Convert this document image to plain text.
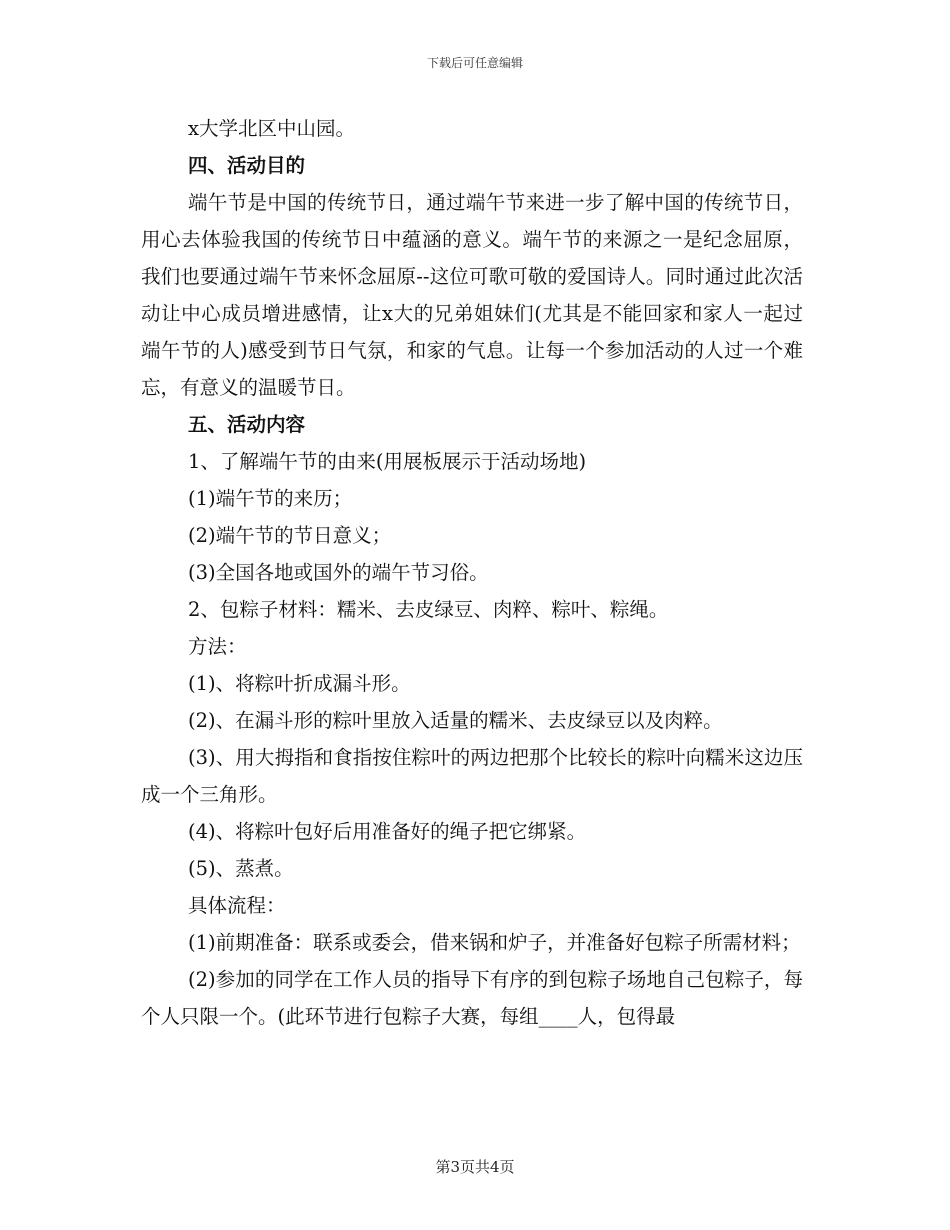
下载后可任意编辑

x大学北区中山园。

四、活动目的

端午节是中国的传统节日，通过端午节来进一步了解中国的传统节日，用心去体验我国的传统节日中蕴涵的意义。端午节的来源之一是纪念屈原，我们也要通过端午节来怀念屈原--这位可歌可敬的爱国诗人。同时通过此次活动让中心成员增进感情，让x大的兄弟姐妹们(尤其是不能回家和家人一起过端午节的人)感受到节日气氛，和家的气息。让每一个参加活动的人过一个难忘，有意义的温暖节日。

五、活动内容

1、了解端午节的由来(用展板展示于活动场地)

(1)端午节的来历；

(2)端午节的节日意义；

(3)全国各地或国外的端午节习俗。

2、包粽子材料：糯米、去皮绿豆、肉粹、粽叶、粽绳。

方法：

(1)、将粽叶折成漏斗形。

(2)、在漏斗形的粽叶里放入适量的糯米、去皮绿豆以及肉粹。

(3)、用大拇指和食指按住粽叶的两边把那个比较长的粽叶向糯米这边压成一个三角形。

(4)、将粽叶包好后用准备好的绳子把它绑紧。

(5)、蒸煮。

具体流程：

(1)前期准备：联系或委会，借来锅和炉子，并准备好包粽子所需材料；

(2)参加的同学在工作人员的指导下有序的到包粽子场地自己包粽子，每个人只限一个。(此环节进行包粽子大赛，每组____人，包得最

第3页共4页
